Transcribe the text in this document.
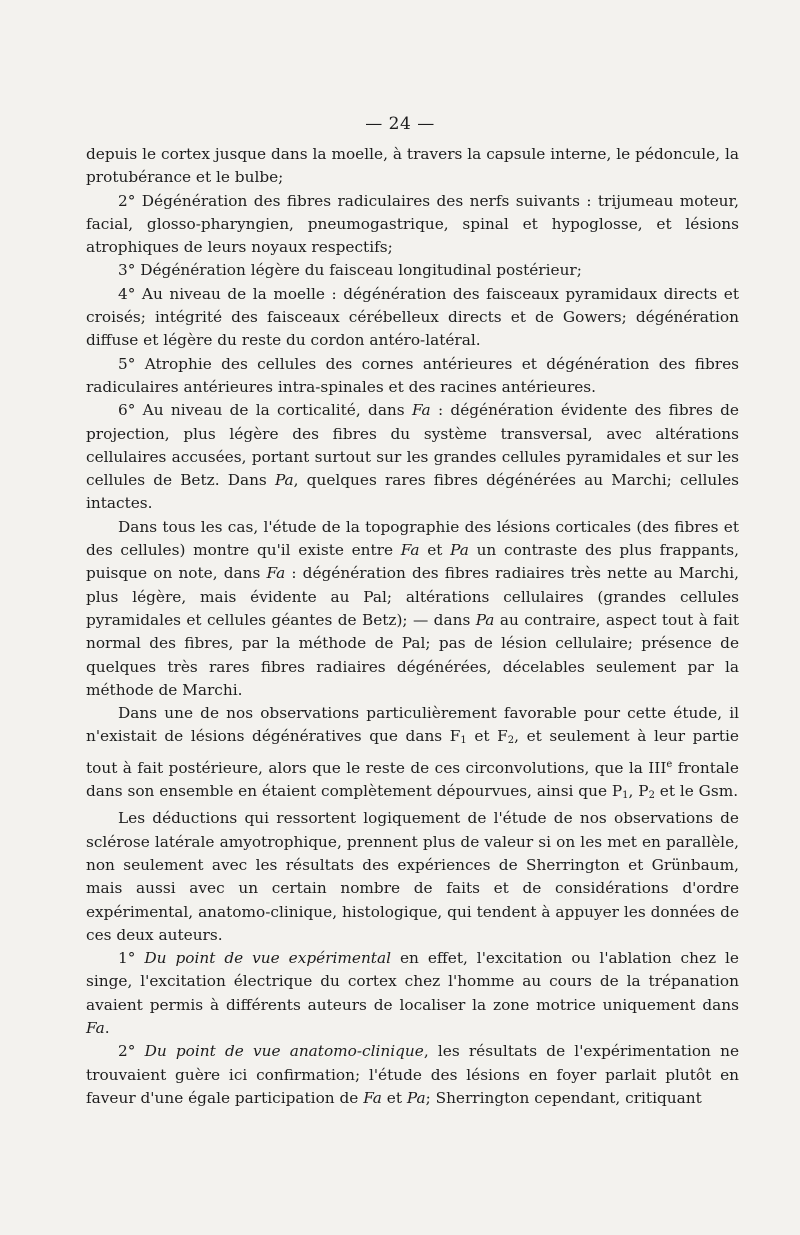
— 24 —

depuis le cortex jusque dans la moelle, à travers la capsule interne, le pédoncule, la protubérance et le bulbe;

2° Dégénération des fibres radiculaires des nerfs suivants : trijumeau moteur, facial, glosso-pharyngien, pneumogastrique, spinal et hypoglosse, et lésions atrophiques de leurs noyaux respectifs;

3° Dégénération légère du faisceau longitudinal postérieur;

4° Au niveau de la moelle : dégénération des faisceaux pyramidaux directs et croisés; intégrité des faisceaux cérébelleux directs et de Gowers; dégénération diffuse et légère du reste du cordon antéro-latéral.

5° Atrophie des cellules des cornes antérieures et dégénération des fibres radiculaires antérieures intra-spinales et des racines antérieures.

6° Au niveau de la corticalité, dans Fa : dégénération évidente des fibres de projection, plus légère des fibres du système transversal, avec altérations cellulaires accusées, portant surtout sur les grandes cellules pyramidales et sur les cellules de Betz. Dans Pa, quelques rares fibres dégénérées au Marchi; cellules intactes.

Dans tous les cas, l'étude de la topographie des lésions corticales (des fibres et des cellules) montre qu'il existe entre Fa et Pa un contraste des plus frappants, puisque on note, dans Fa : dégénération des fibres radiaires très nette au Marchi, plus légère, mais évidente au Pal; altérations cellulaires (grandes cellules pyramidales et cellules géantes de Betz); — dans Pa au contraire, aspect tout à fait normal des fibres, par la méthode de Pal; pas de lésion cellulaire; présence de quelques très rares fibres radiaires dégénérées, décelables seulement par la méthode de Marchi.

Dans une de nos observations particulièrement favorable pour cette étude, il n'existait de lésions dégénératives que dans $F_1$ et $F_2$, et seulement à leur partie tout à fait postérieure, alors que le reste de ces circonvolutions, que la IIIe frontale dans son ensemble en étaient complètement dépourvues, ainsi que $P_1$, $P_2$ et le Gsm.

Les déductions qui ressortent logiquement de l'étude de nos observations de sclérose latérale amyotrophique, prennent plus de valeur si on les met en parallèle, non seulement avec les résultats des expériences de Sherrington et Grünbaum, mais aussi avec un certain nombre de faits et de considérations d'ordre expérimental, anatomo-clinique, histologique, qui tendent à appuyer les données de ces deux auteurs.

1° Du point de vue expérimental en effet, l'excitation ou l'ablation chez le singe, l'excitation électrique du cortex chez l'homme au cours de la trépanation avaient permis à différents auteurs de localiser la zone motrice uniquement dans Fa.

2° Du point de vue anatomo-clinique, les résultats de l'expérimentation ne trouvaient guère ici confirmation; l'étude des lésions en foyer parlait plutôt en faveur d'une égale participation de Fa et Pa; Sherrington cependant, critiquant
